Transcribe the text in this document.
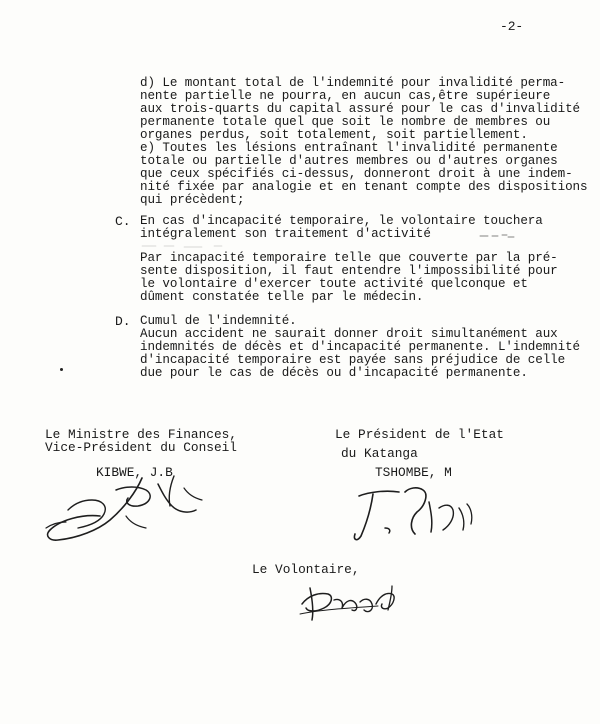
-2-
d) Le montant total de l'indemnité pour invalidité perma-
nente partielle ne pourra, en aucun cas,être supérieure
aux trois-quarts du capital assuré pour le cas d'invalidité
permanente totale quel que soit le nombre de membres ou
organes perdus, soit totalement, soit partiellement.
e) Toutes les lésions entraînant l'invalidité permanente
totale ou partielle d'autres membres ou d'autres organes
que ceux spécifiés ci-dessus, donneront droit à une indem-
nité fixée par analogie et en tenant compte des dispositions
qui précèdent;
C. En cas d'incapacité temporaire, le volontaire touchera
intégralement son traitement d'activité
Par incapacité temporaire telle que couverte par la pré-
sente disposition, il faut entendre l'impossibilité pour
le volontaire d'exercer toute activité quelconque et
dûment constatée telle par le médecin.
D. Cumul de l'indemnité.
Aucun accident ne saurait donner droit simultanément aux
indemnités de décès et d'incapacité permanente. L'indemnité
d'incapacité temporaire est payée sans préjudice de celle
due pour le cas de décès ou d'incapacité permanente.
Le Ministre des Finances,
Vice-Président du Conseil
KIBWE, J.B
Le Président de l'Etat
du Katanga
TSHOMBE, M
Le Volontaire,
